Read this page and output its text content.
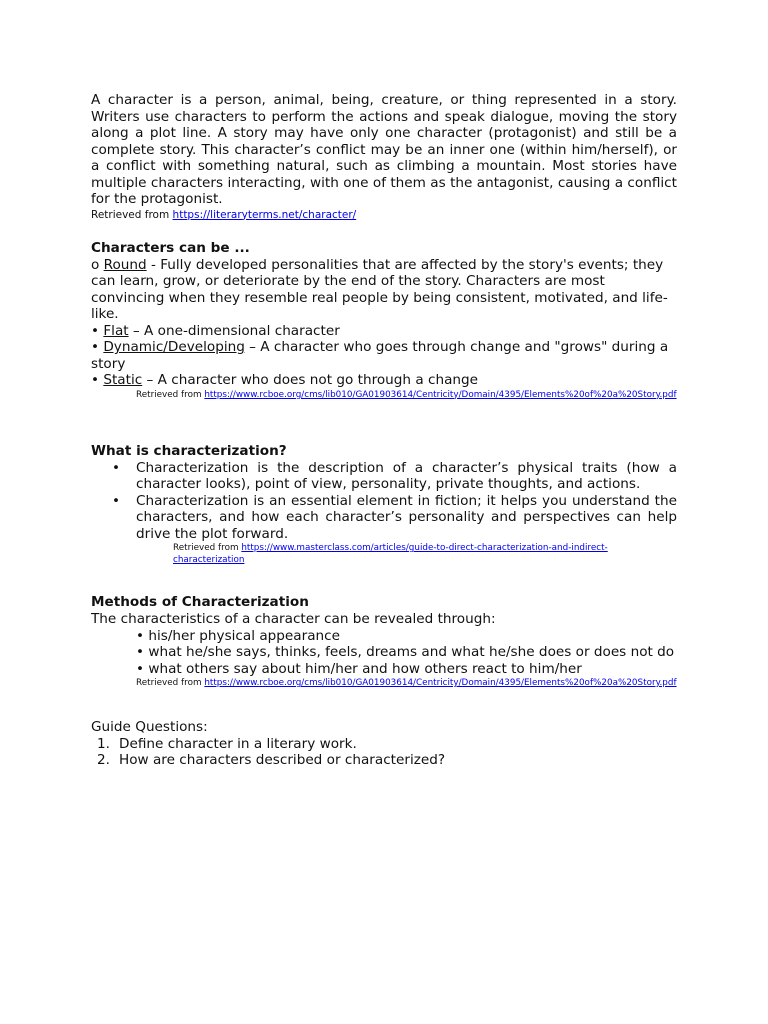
A character is a person, animal, being, creature, or thing represented in a story. Writers use characters to perform the actions and speak dialogue, moving the story along a plot line. A story may have only one character (protagonist) and still be a complete story. This character’s conflict may be an inner one (within him/herself), or a conflict with something natural, such as climbing a mountain. Most stories have multiple characters interacting, with one of them as the antagonist, causing a conflict for the protagonist.
Retrieved from https://literaryterms.net/character/
Characters can be ...
o Round - Fully developed personalities that are affected by the story's events; they can learn, grow, or deteriorate by the end of the story. Characters are most convincing when they resemble real people by being consistent, motivated, and life-like.
• Flat – A one-dimensional character
• Dynamic/Developing – A character who goes through change and "grows" during a story
• Static – A character who does not go through a change
Retrieved from https://www.rcboe.org/cms/lib010/GA01903614/Centricity/Domain/4395/Elements%20of%20a%20Story.pdf
What is characterization?
• Characterization is the description of a character’s physical traits (how a character looks), point of view, personality, private thoughts, and actions.
• Characterization is an essential element in fiction; it helps you understand the characters, and how each character’s personality and perspectives can help drive the plot forward.
Retrieved from https://www.masterclass.com/articles/guide-to-direct-characterization-and-indirect-characterization
Methods of Characterization
The characteristics of a character can be revealed through:
• his/her physical appearance
• what he/she says, thinks, feels, dreams and what he/she does or does not do
• what others say about him/her and how others react to him/her
Retrieved from https://www.rcboe.org/cms/lib010/GA01903614/Centricity/Domain/4395/Elements%20of%20a%20Story.pdf
Guide Questions:
1. Define character in a literary work.
2. How are characters described or characterized?
